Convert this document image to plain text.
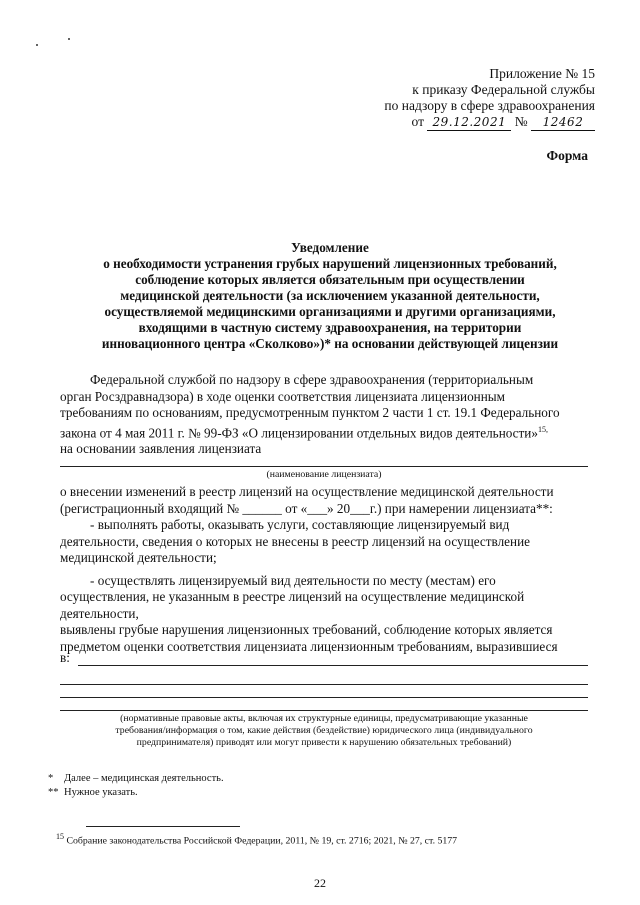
Приложение № 15
к приказу Федеральной службы
по надзору в сфере здравоохранения
от 29.12.2021 № 12462
Форма
Уведомление
о необходимости устранения грубых нарушений лицензионных требований,
соблюдение которых является обязательным при осуществлении
медицинской деятельности (за исключением указанной деятельности,
осуществляемой медицинскими организациями и другими организациями,
входящими в частную систему здравоохранения, на территории
инновационного центра «Сколково»)* на основании действующей лицензии
Федеральной службой по надзору в сфере здравоохранения (территориальным
орган Росздравнадзора) в ходе оценки соответствия лицензиата лицензионным
требованиям по основаниям, предусмотренным пунктом 2 части 1 ст. 19.1 Федерального
закона от 4 мая 2011 г. № 99-ФЗ «О лицензировании отдельных видов деятельности»$^{15,}$
на основании заявления лицензиата
(наименование лицензиата)
о внесении изменений в реестр лицензий на осуществление медицинской деятельности
(регистрационный входящий № ______ от «___» 20___г.) при намерении лицензиата**:
- выполнять работы, оказывать услуги, составляющие лицензируемый вид
деятельности, сведения о которых не внесены в реестр лицензий на осуществление
медицинской деятельности;
- осуществлять лицензируемый вид деятельности по месту (местам) его
осуществления, не указанным в реестре лицензий на осуществление медицинской
деятельности,
выявлены грубые нарушения лицензионных требований, соблюдение которых является
предметом оценки соответствия лицензиата лицензионным требованиям, выразившиеся
в:
(нормативные правовые акты, включая их структурные единицы, предусматривающие указанные
требования/информация о том, какие действия (бездействие) юридического лица (индивидуального
предпринимателя) приводят или могут привести к нарушению обязательных требований)
* Далее – медицинская деятельность.
** Нужное указать.
$^{15}$ Собрание законодательства Российской Федерации, 2011, № 19, ст. 2716; 2021, № 27, ст. 5177
22
